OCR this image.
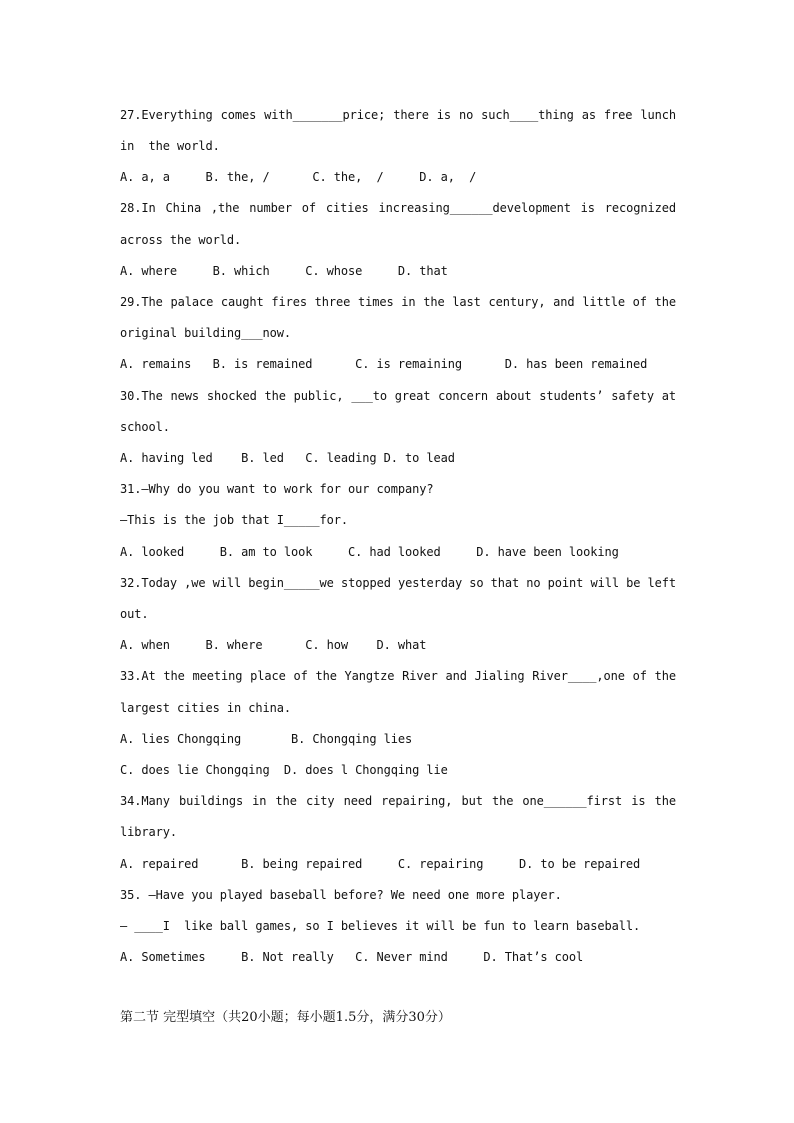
27.Everything comes with_______price; there is no such____thing as free lunch
in  the world.
A. a, a     B. the, /      C. the,  /     D. a,  /
28.In China ,the number of cities increasing______development is recognized
across the world.
A. where     B. which     C. whose     D. that
29.The palace caught fires three times in the last century, and little of the
original building___now.
A. remains   B. is remained      C. is remaining      D. has been remained
30.The news shocked the public, ___to great concern about students’ safety at
school.
A. having led    B. led   C. leading D. to lead
31.—Why do you want to work for our company?
—This is the job that I_____for.
A. looked     B. am to look     C. had looked     D. have been looking
32.Today ,we will begin_____we stopped yesterday so that no point will be left
out.
A. when     B. where      C. how    D. what
33.At the meeting place of the Yangtze River and Jialing River____,one of the
largest cities in china.
A. lies Chongqing       B. Chongqing lies
C. does lie Chongqing  D. does l Chongqing lie
34.Many buildings in the city need repairing, but the one______first is the
library.
A. repaired      B. being repaired     C. repairing     D. to be repaired
35. —Have you played baseball before? We need one more player.
— ____I  like ball games, so I believes it will be fun to learn baseball.
A. Sometimes     B. Not really   C. Never mind     D. That’s cool
第二节 完型填空（共20小题；每小题1.5分，满分30分）
